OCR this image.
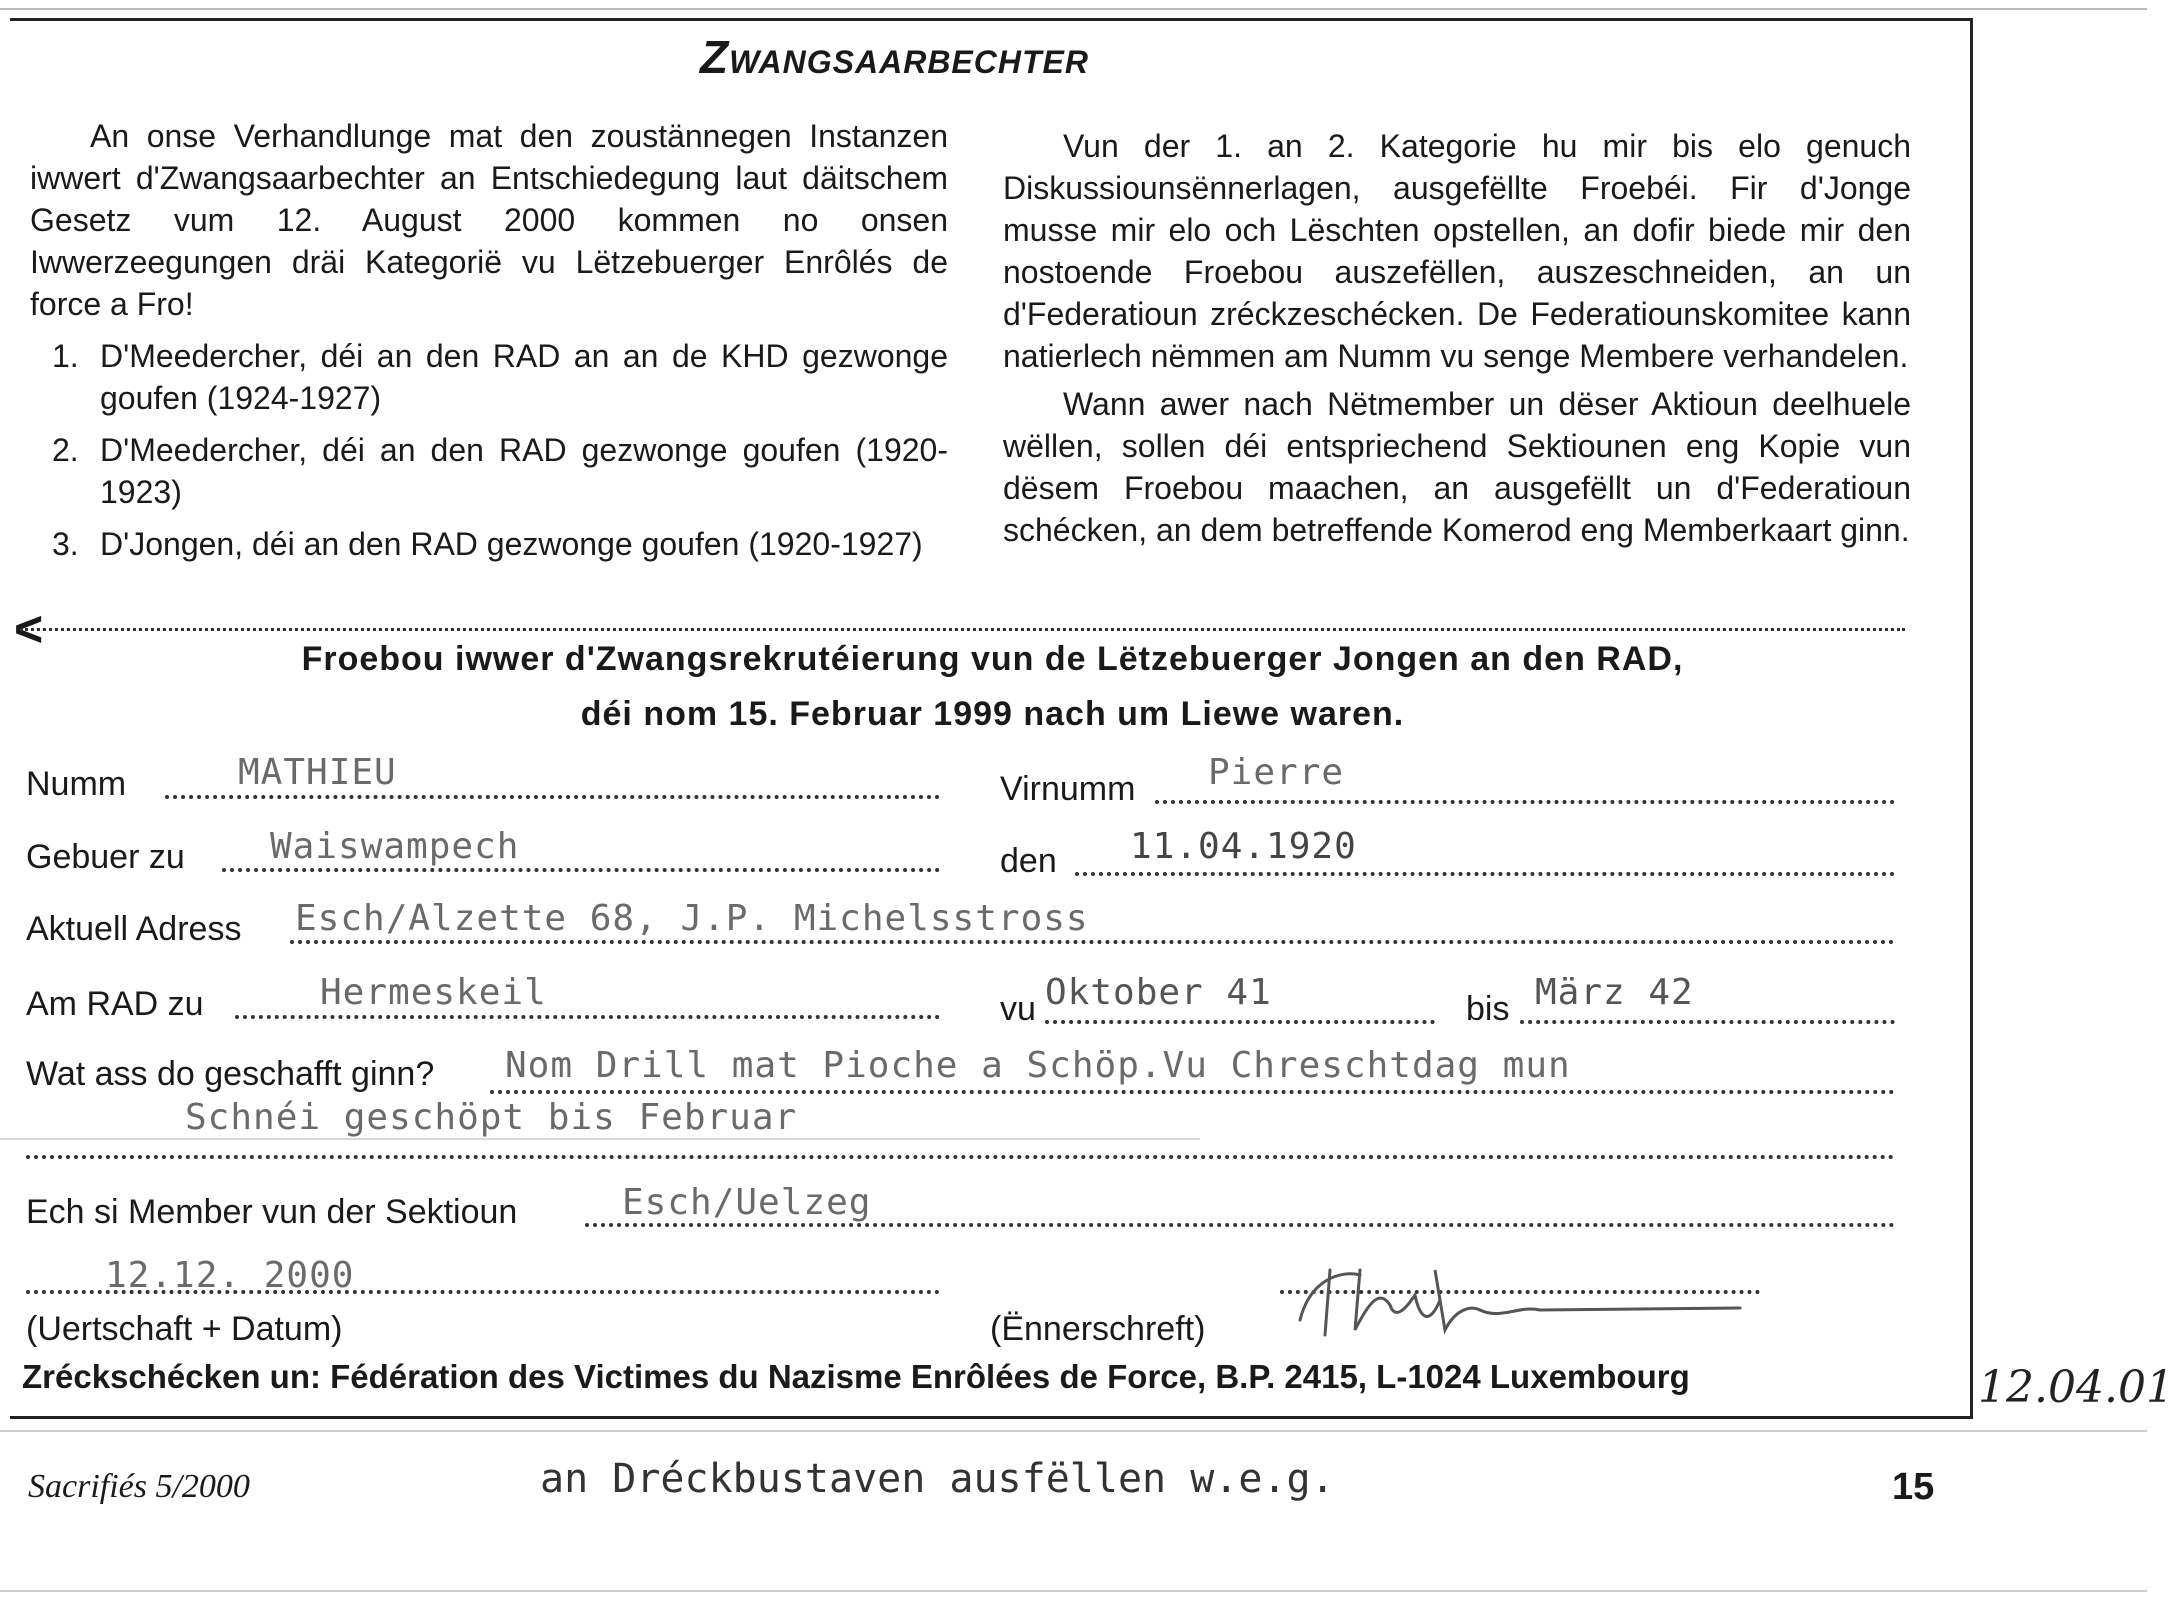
Zwangsaarbechter

An onse Verhandlunge mat den zoustännegen Instanzen iwwert d'Zwangsaarbechter an Entschiedegung laut däitschem Gesetz vum 12. August 2000 kommen no onsen Iwwerzeegungen dräi Kategorië vu Lëtzebuerger Enrôlés de force a Fro!

1. D'Meedercher, déi an den RAD an an de KHD gezwonge goufen (1924-1927)
2. D'Meedercher, déi an den RAD gezwonge goufen (1920-1923)
3. D'Jongen, déi an den RAD gezwonge goufen (1920-1927)

Vun der 1. an 2. Kategorie hu mir bis elo genuch Diskussiounsënnerlagen, ausgefëllte Froebéi. Fir d'Jonge musse mir elo och Lëschten opstellen, an dofir biede mir den nostoende Froebou auszefëllen, auszeschneiden, an un d'Federatioun zréckzeschécken. De Federatiounskomitee kann natierlech nëmmen am Numm vu senge Membere verhandelen.

Wann awer nach Nëtmember un dëser Aktioun deelhuele wëllen, sollen déi entspriechend Sektiounen eng Kopie vun dësem Froebou maachen, an ausgefëllt un d'Federatioun schécken, an dem betreffende Komerod eng Memberkaart ginn.

<
Froebou iwwer d'Zwangsrekrutéierung vun de Lëtzebuerger Jongen an den RAD,
déi nom 15. Februar 1999 nach um Liewe waren.
Numm	MATHIEU	Virnumm Pierre
Gebuer zu Waiswampech	den 11.04.1920
Aktuell Adress Esch/Alzette 68, J.P. Michelsstross
Am RAD zu	Hermeskeil	vu Oktober 41	bis März 42
Wat ass do geschafft ginn? Nom Drill mat Pioche a Schöp.Vu Chreschtdag mun
Schnéi geschöpt bis Februar
Ech si Member vun der Sektioun	Esch/Uelzeg
12.12. 2000
(Uertschaft + Datum)	(Ënnerschreft)
Zréckschécken un: Fédération des Victimes du Nazisme Enrôlées de Force, B.P. 2415, L-1024 Luxembourg	12.04.01
Sacrifiés 5/2000	an Dréckbustaven ausfëllen w.e.g.	15
